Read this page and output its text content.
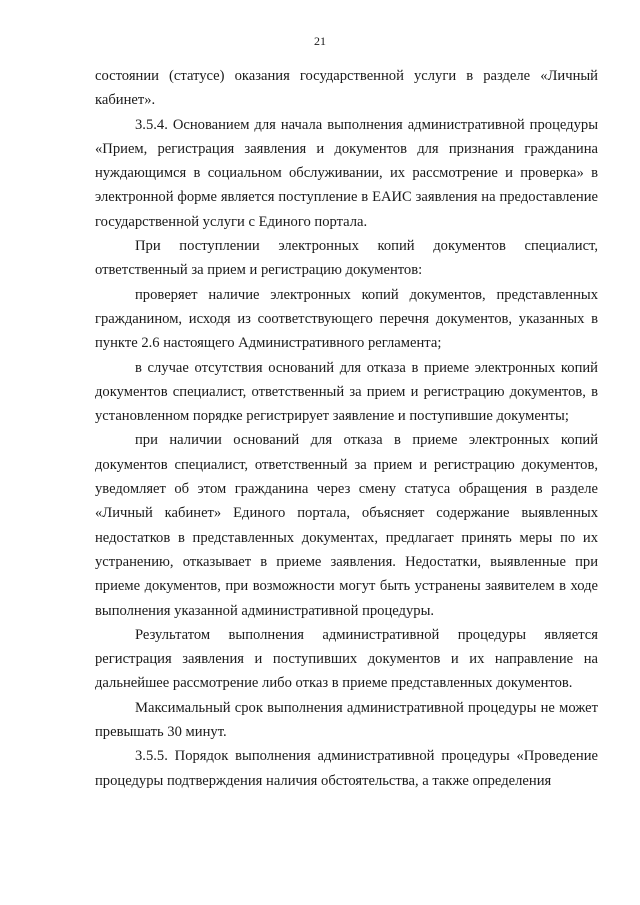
21

состоянии (статусе) оказания государственной услуги в разделе «Личный кабинет».

3.5.4. Основанием для начала выполнения административной процедуры «Прием, регистрация заявления и документов для признания гражданина нуждающимся в социальном обслуживании, их рассмотрение и проверка» в электронной форме является поступление в ЕАИС заявления на предоставление государственной услуги с Единого портала.

При поступлении электронных копий документов специалист, ответственный за прием и регистрацию документов:

проверяет наличие электронных копий документов, представленных гражданином, исходя из соответствующего перечня документов, указанных в пункте 2.6 настоящего Административного регламента;

в случае отсутствия оснований для отказа в приеме электронных копий документов специалист, ответственный за прием и регистрацию документов, в установленном порядке регистрирует заявление и поступившие документы;

при наличии оснований для отказа в приеме электронных копий документов специалист, ответственный за прием и регистрацию документов, уведомляет об этом гражданина через смену статуса обращения в разделе «Личный кабинет» Единого портала, объясняет содержание выявленных недостатков в представленных документах, предлагает принять меры по их устранению, отказывает в приеме заявления. Недостатки, выявленные при приеме документов, при возможности могут быть устранены заявителем в ходе выполнения указанной административной процедуры.

Результатом выполнения административной процедуры является регистрация заявления и поступивших документов и их направление на дальнейшее рассмотрение либо отказ в приеме представленных документов.

Максимальный срок выполнения административной процедуры не может превышать 30 минут.

3.5.5. Порядок выполнения административной процедуры «Проведение процедуры подтверждения наличия обстоятельства, а также определения
